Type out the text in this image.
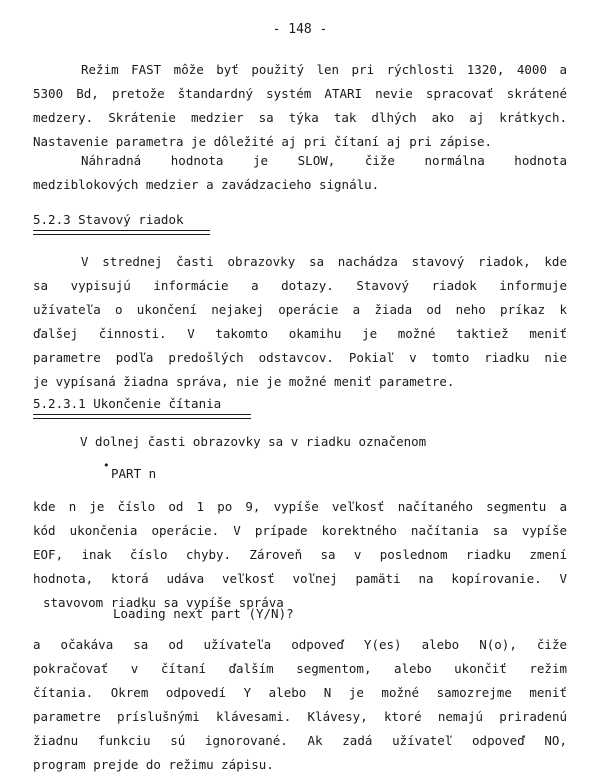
- 148 -
Režim FAST môže byť použitý len pri rýchlosti 1320, 4000 a
5300 Bd, pretože štandardný systém ATARI nevie spracovať skrátené
medzery. Skrátenie medzier sa týka tak dlhých ako aj krátkych.
Nastavenie parametra je dôležité aj pri čítaní aj pri zápise.
Náhradná hodnota je SLOW, čiže normálna hodnota
medziblokových medzier a zavádzacieho signálu.
5.2.3 Stavový riadok
V strednej časti obrazovky sa nachádza stavový riadok, kde
sa vypisujú informácie a dotazy. Stavový riadok informuje
užívateľa o ukončení nejakej operácie a žiada od neho príkaz k
ďalšej činnosti. V takomto okamihu je možné taktiež meniť
parametre podľa predošlých odstavcov. Pokiaľ v tomto riadku nie
je vypísaná žiadna správa, nie je možné meniť parametre.
5.2.3.1 Ukončenie čítania
V dolnej časti obrazovky sa v riadku označenom
•
PART n
kde n je číslo od 1 po 9, vypíše veľkosť načítaného segmentu a
kód ukončenia operácie. V prípade korektného načítania sa vypíše
EOF, inak číslo chyby. Zároveň sa v poslednom riadku zmení
hodnota, ktorá udáva veľkosť voľnej pamäti na kopírovanie. V
stavovom riadku sa vypíše správa
Loading next part (Y/N)?
a očakáva sa od užívateľa odpoveď Y(es) alebo N(o), čiže
pokračovať v čítaní ďalším segmentom, alebo ukončiť režim
čítania. Okrem odpovedí Y alebo N je možné samozrejme meniť
parametre príslušnými klávesami. Klávesy, ktoré nemajú priradenú
žiadnu funkciu sú ignorované. Ak zadá užívateľ odpoveď NO,
program prejde do režimu zápisu.
